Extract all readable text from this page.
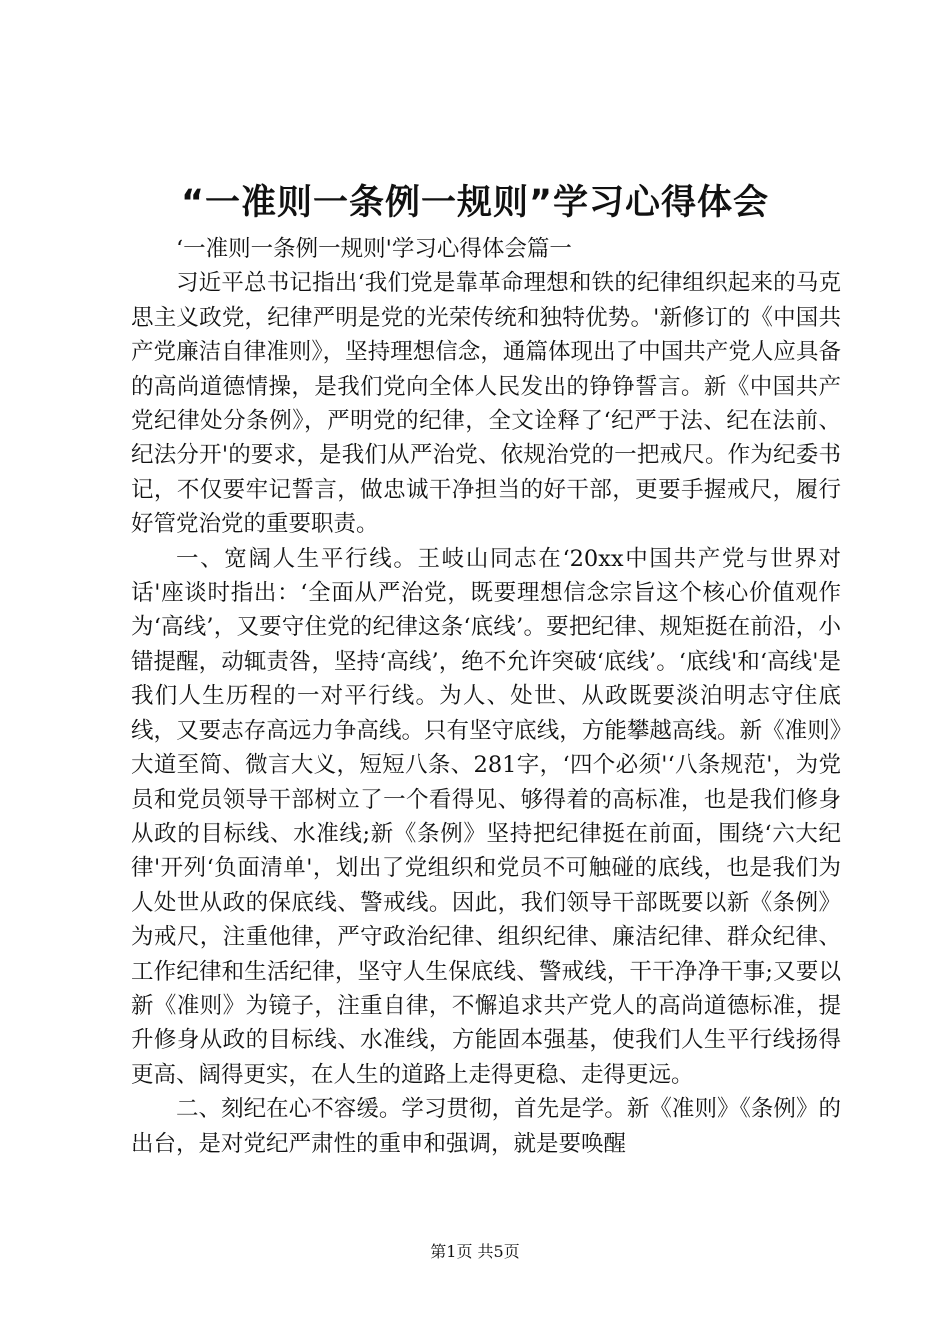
“一准则一条例一规则”学习心得体会

‘一准则一条例一规则'学习心得体会篇一

习近平总书记指出‘我们党是靠革命理想和铁的纪律组织起来的马克思主义政党，纪律严明是党的光荣传统和独特优势。'新修订的《中国共产党廉洁自律准则》，坚持理想信念，通篇体现出了中国共产党人应具备的高尚道德情操，是我们党向全体人民发出的铮铮誓言。新《中国共产党纪律处分条例》，严明党的纪律，全文诠释了‘纪严于法、纪在法前、纪法分开'的要求，是我们从严治党、依规治党的一把戒尺。作为纪委书记，不仅要牢记誓言，做忠诚干净担当的好干部，更要手握戒尺，履行好管党治党的重要职责。

一、宽阔人生平行线。王岐山同志在‘20xx中国共产党与世界对话'座谈时指出：‘全面从严治党，既要理想信念宗旨这个核心价值观作为‘高线’，又要守住党的纪律这条‘底线’。要把纪律、规矩挺在前沿，小错提醒，动辄责咎，坚持‘高线’，绝不允许突破‘底线’。‘底线'和‘高线'是我们人生历程的一对平行线。为人、处世、从政既要淡泊明志守住底线，又要志存高远力争高线。只有坚守底线，方能攀越高线。新《准则》大道至简、微言大义，短短八条、281字，‘四个必须'‘八条规范'，为党员和党员领导干部树立了一个看得见、够得着的高标准，也是我们修身从政的目标线、水准线;新《条例》坚持把纪律挺在前面，围绕‘六大纪律'开列‘负面清单'，划出了党组织和党员不可触碰的底线，也是我们为人处世从政的保底线、警戒线。因此，我们领导干部既要以新《条例》为戒尺，注重他律，严守政治纪律、组织纪律、廉洁纪律、群众纪律、工作纪律和生活纪律，坚守人生保底线、警戒线，干干净净干事;又要以新《准则》为镜子，注重自律，不懈追求共产党人的高尚道德标准，提升修身从政的目标线、水准线，方能固本强基，使我们人生平行线扬得更高、阔得更实，在人生的道路上走得更稳、走得更远。

二、刻纪在心不容缓。学习贯彻，首先是学。新《准则》《条例》的出台，是对党纪严肃性的重申和强调，就是要唤醒

第1页 共5页
